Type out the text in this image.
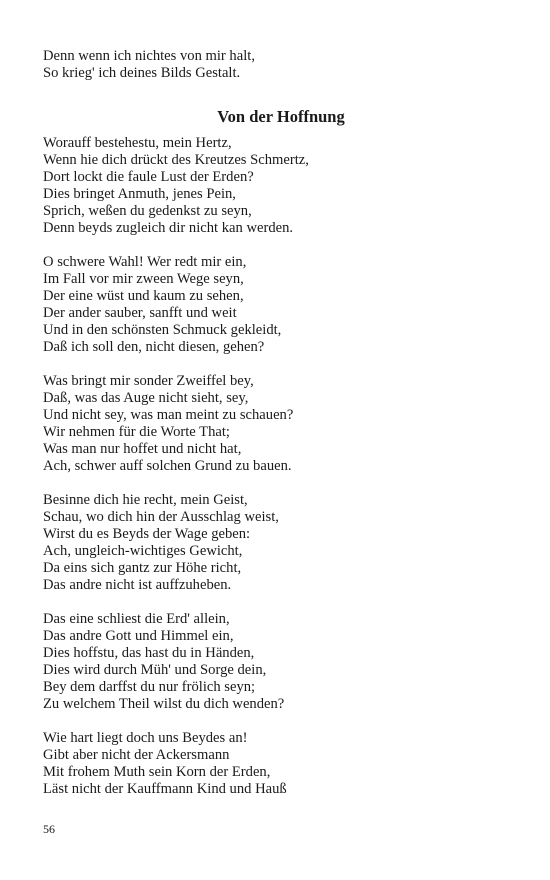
Denn wenn ich nichtes von mir halt,
So krieg' ich deines Bilds Gestalt.
Von der Hoffnung
Worauff bestehestu, mein Hertz,
Wenn hie dich drückt des Kreutzes Schmertz,
Dort lockt die faule Lust der Erden?
Dies bringet Anmuth, jenes Pein,
Sprich, weßen du gedenkst zu seyn,
Denn beyds zugleich dir nicht kan werden.
O schwere Wahl! Wer redt mir ein,
Im Fall vor mir zween Wege seyn,
Der eine wüst und kaum zu sehen,
Der ander sauber, sanfft und weit
Und in den schönsten Schmuck gekleidt,
Daß ich soll den, nicht diesen, gehen?
Was bringt mir sonder Zweiffel bey,
Daß, was das Auge nicht sieht, sey,
Und nicht sey, was man meint zu schauen?
Wir nehmen für die Worte That;
Was man nur hoffet und nicht hat,
Ach, schwer auff solchen Grund zu bauen.
Besinne dich hie recht, mein Geist,
Schau, wo dich hin der Ausschlag weist,
Wirst du es Beyds der Wage geben:
Ach, ungleich-wichtiges Gewicht,
Da eins sich gantz zur Höhe richt,
Das andre nicht ist auffzuheben.
Das eine schliest die Erd' allein,
Das andre Gott und Himmel ein,
Dies hoffstu, das hast du in Händen,
Dies wird durch Müh' und Sorge dein,
Bey dem darffst du nur frölich seyn;
Zu welchem Theil wilst du dich wenden?
Wie hart liegt doch uns Beydes an!
Gibt aber nicht der Ackersmann
Mit frohem Muth sein Korn der Erden,
Läst nicht der Kauffmann Kind und Hauß
56
